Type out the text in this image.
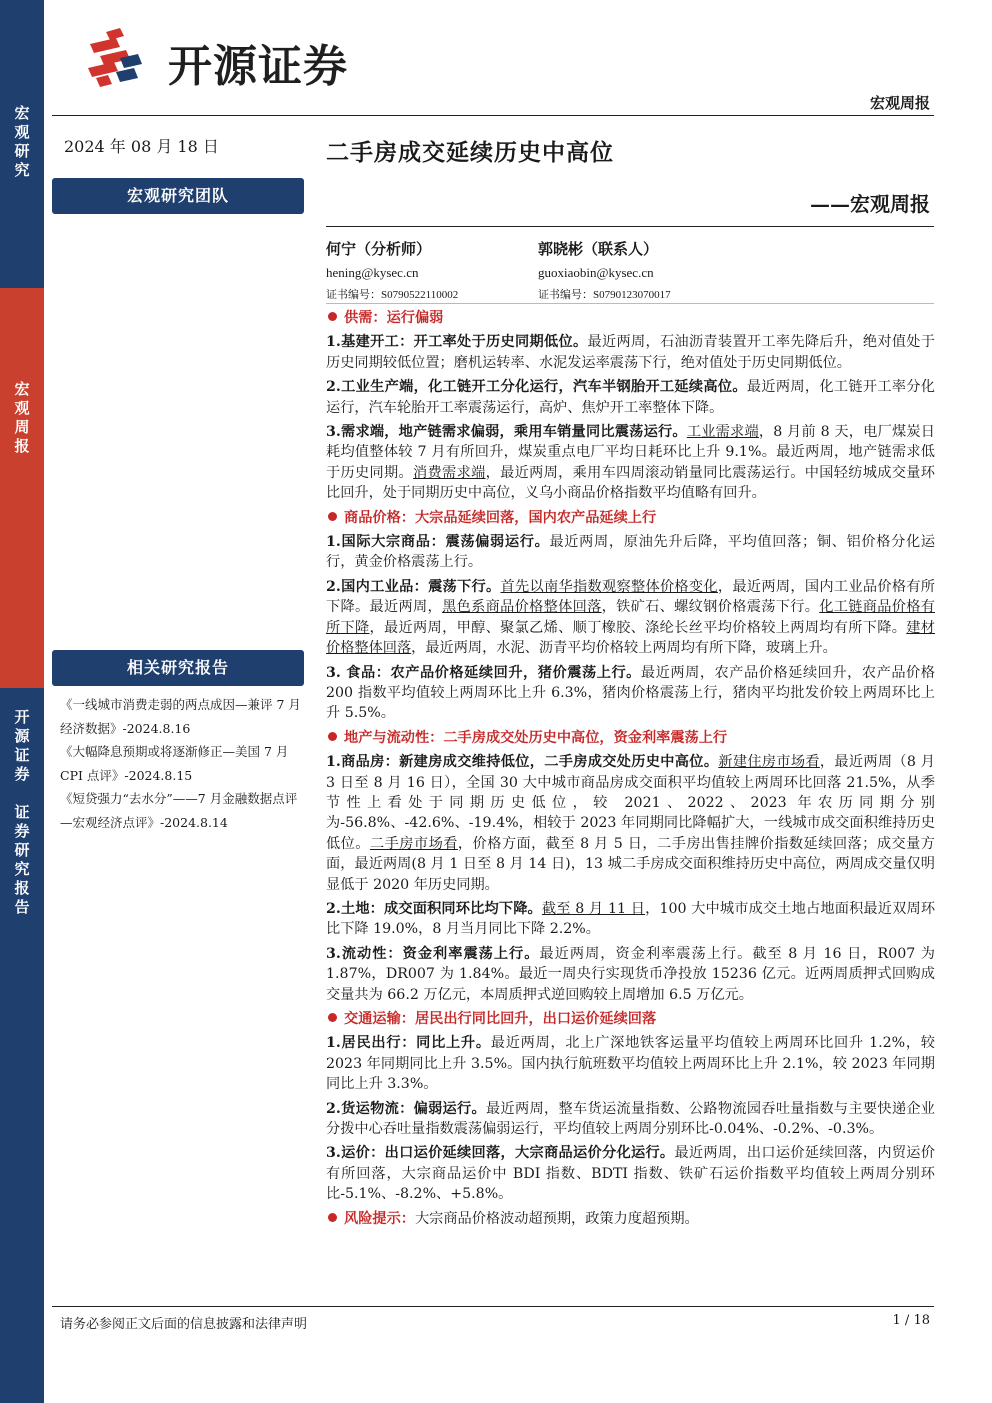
宏
观
研
究
宏
观
周
报
开
源
证
券

证
券
研
究
报
告
开源证券
宏观周报
2024 年 08 月 18 日	二手房成交延续历史中高位
——宏观周报
宏观研究团队
何宁（分析师）
hening@kysec.cn
证书编号：S0790522110002
郭晓彬（联系人）
guoxiaobin@kysec.cn
证书编号：S0790123070017
相关研究报告

《一线城市消费走弱的两点成因—兼评 7 月经济数据》-2024.8.16

《大幅降息预期或将逐渐修正—美国 7 月 CPI 点评》-2024.8.15

《短贷强力“去水分”——7 月金融数据点评—宏观经济点评》-2024.8.14

供需：运行偏弱

1.基建开工：开工率处于历史同期低位。最近两周，石油沥青装置开工率先降后升，绝对值处于历史同期较低位置；磨机运转率、水泥发运率震荡下行，绝对值处于历史同期低位。

2.工业生产端，化工链开工分化运行，汽车半钢胎开工延续高位。最近两周，化工链开工率分化运行，汽车轮胎开工率震荡运行，高炉、焦炉开工率整体下降。

3.需求端，地产链需求偏弱，乘用车销量同比震荡运行。工业需求端，8 月前 8 天，电厂煤炭日耗均值整体较 7 月有所回升，煤炭重点电厂平均日耗环比上升 9.1%。最近两周，地产链需求低于历史同期。消费需求端，最近两周，乘用车四周滚动销量同比震荡运行。中国轻纺城成交量环比回升，处于同期历史中高位，义乌小商品价格指数平均值略有回升。

商品价格：大宗品延续回落，国内农产品延续上行

1.国际大宗商品：震荡偏弱运行。最近两周，原油先升后降，平均值回落；铜、铝价格分化运行，黄金价格震荡上行。

2.国内工业品：震荡下行。首先以南华指数观察整体价格变化，最近两周，国内工业品价格有所下降。最近两周，黑色系商品价格整体回落，铁矿石、螺纹钢价格震荡下行。化工链商品价格有所下降，最近两周，甲醇、聚氯乙烯、顺丁橡胶、涤纶长丝平均价格较上两周均有所下降。建材价格整体回落，最近两周，水泥、沥青平均价格较上两周均有所下降，玻璃上升。

3. 食品：农产品价格延续回升，猪价震荡上行。最近两周，农产品价格延续回升，农产品价格 200 指数平均值较上两周环比上升 6.3%，猪肉价格震荡上行，猪肉平均批发价较上两周环比上升 5.5%。

地产与流动性：二手房成交处历史中高位，资金利率震荡上行

1.商品房：新建房成交维持低位，二手房成交处历史中高位。新建住房市场看，最近两周（8 月 3 日至 8 月 16 日），全国 30 大中城市商品房成交面积平均值较上两周环比回落 21.5%，从季节性上看处于同期历史低位，较 2021、2022、2023 年农历同期分别为-56.8%、-42.6%、-19.4%，相较于 2023 年同期同比降幅扩大，一线城市成交面积维持历史低位。二手房市场看，价格方面，截至 8 月 5 日，二手房出售挂牌价指数延续回落；成交量方面，最近两周(8 月 1 日至 8 月 14 日)，13 城二手房成交面积维持历史中高位，两周成交量仅明显低于 2020 年历史同期。

2.土地：成交面积同环比均下降。截至 8 月 11 日，100 大中城市成交土地占地面积最近双周环比下降 19.0%，8 月当月同比下降 2.2%。

3.流动性：资金利率震荡上行。最近两周，资金利率震荡上行。截至 8 月 16 日，R007 为 1.87%，DR007 为 1.84%。最近一周央行实现货币净投放 15236 亿元。近两周质押式回购成交量共为 66.2 万亿元，本周质押式逆回购较上周增加 6.5 万亿元。

交通运输：居民出行同比回升，出口运价延续回落

1.居民出行：同比上升。最近两周，北上广深地铁客运量平均值较上两周环比回升 1.2%，较 2023 年同期同比上升 3.5%。国内执行航班数平均值较上两周环比上升 2.1%，较 2023 年同期同比上升 3.3%。

2.货运物流：偏弱运行。最近两周，整车货运流量指数、公路物流园吞吐量指数与主要快递企业分拨中心吞吐量指数震荡偏弱运行，平均值较上两周分别环比-0.04%、-0.2%、-0.3%。

3.运价：出口运价延续回落，大宗商品运价分化运行。最近两周，出口运价延续回落，内贸运价有所回落，大宗商品运价中 BDI 指数、BDTI 指数、铁矿石运价指数平均值较上两周分别环比-5.1%、-8.2%、+5.8%。

风险提示：大宗商品价格波动超预期，政策力度超预期。
请务必参阅正文后面的信息披露和法律声明	1 / 18
